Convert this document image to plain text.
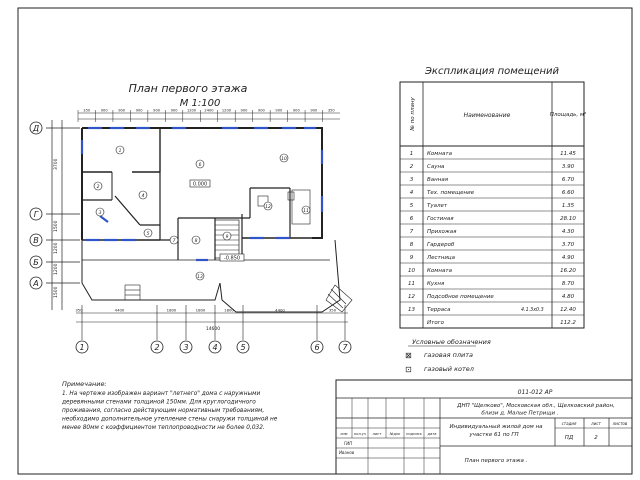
План первого этажа
М 1:100
350	900	900	900	900	900	1200 2400 1200	900	900	900	900	900	350
Д
Г
В
Б
А
3700
1500
1200
1200
1500
1
2
3
4
5
6
7	8
9
10
11
12
13
0.000
-0.850
350	4400	1800	1800	1800	4400	350
14600
1	2	3	4	5	6	7
Экспликация помещений
№ по плану	Наименование	Площадь, м²
1	Комната	11.45
2	Сауна	3.90
3	Ванная	6.70
4	Тех. помещение	6.60
5	Туалет	1.35
6	Гостиная	28.10
7	Прихожая	4.30
8	Гардероб	3.70
9	Лестница	4.90
10 Комната	16.20
11 Кухня	8.70
12 Подсобное помещение	4.80
13 Терраса	4.1.3х0.3	12.40
Итого	112.2
Условные обозначения
⊠ газовая плита
⊡ газовый котел
Примечание:
1. На чертеже изображен вариант "летнего" дома с наружными
деревянными стенами толщиной 150мм. Для круглогодичного
проживания, согласно действующим нормативным требованиям,
необходимо дополнительное утепление стены снаружи толщиной не
менее 80мм с коэффициентом теплопроводности не более 0,032.
011-012 АР
ДНП "Щелково", Московская обл., Щелковский район,
близи д. Малые Петрищи .
Индивидуальный жилой дом на
участке 61 по ГП
План первого этажа .
изм кол.уч лист №док подпись дата
ГИП
Иванов
стадия	лист	листов
ПД	2
